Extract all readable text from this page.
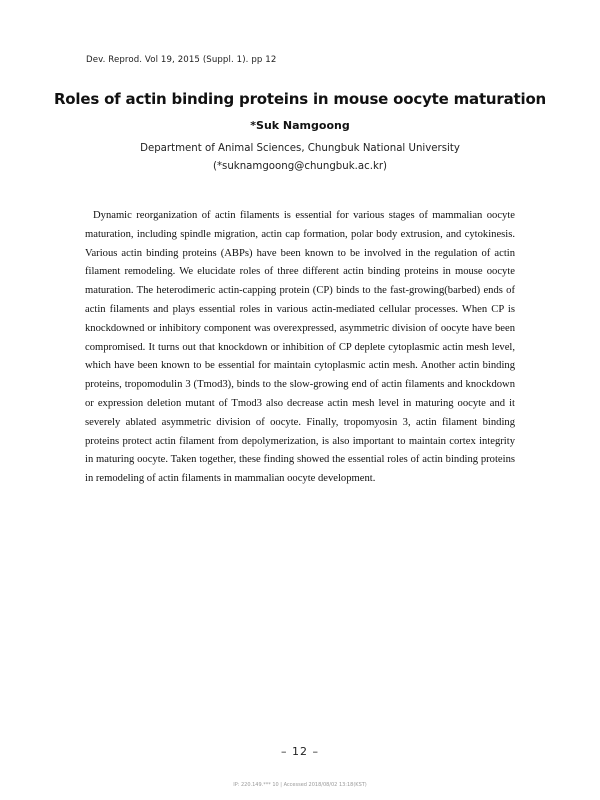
Dev. Reprod. Vol 19, 2015 (Suppl. 1). pp 12
Roles of actin binding proteins in mouse oocyte maturation
*Suk Namgoong
Department of Animal Sciences, Chungbuk National University
(*suknamgoong@chungbuk.ac.kr)

Dynamic reorganization of actin filaments is essential for various stages of mammalian oocyte maturation, including spindle migration, actin cap formation, polar body extrusion, and cytokinesis. Various actin binding proteins (ABPs) have been known to be involved in the regulation of actin filament remodeling. We elucidate roles of three different actin binding proteins in mouse oocyte maturation. The heterodimeric actin-capping protein (CP) binds to the fast-growing(barbed) ends of actin filaments and plays essential roles in various actin-mediated cellular processes. When CP is knockdowned or inhibitory component was overexpressed, asymmetric division of oocyte have been compromised. It turns out that knockdown or inhibition of CP deplete cytoplasmic actin mesh level, which have been known to be essential for maintain cytoplasmic actin mesh. Another actin binding proteins, tropomodulin 3 (Tmod3), binds to the slow-growing end of actin filaments and knockdown or expression deletion mutant of Tmod3 also decrease actin mesh level in maturing oocyte and it severely ablated asymmetric division of oocyte. Finally, tropomyosin 3, actin filament binding proteins protect actin filament from depolymerization, is also important to maintain cortex integrity in maturing oocyte. Taken together, these finding showed the essential roles of actin binding proteins in remodeling of actin filaments in mammalian oocyte development.

– 12 –
IP: 220.149.*** 10 | Accessed 2018/08/02 13:18(KST)
